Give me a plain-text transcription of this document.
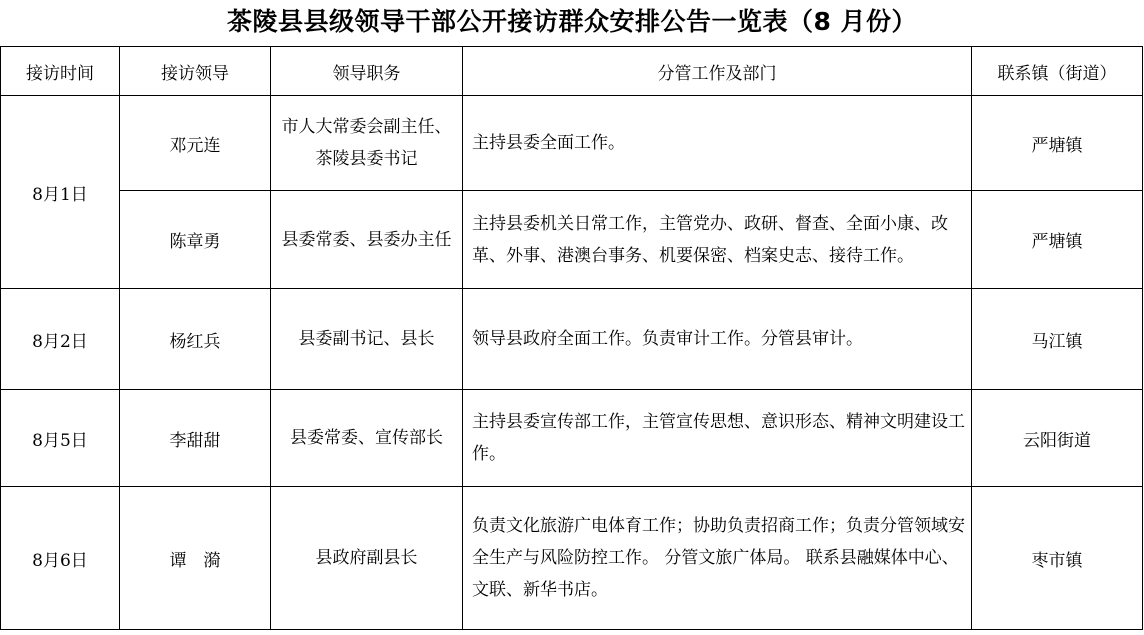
茶陵县县级领导干部公开接访群众安排公告一览表（8 月份）
接访时间	接访领导	领导职务	分管工作及部门	联系镇（街道）
8月1日	邓元连	市人大常委会副主任、茶陵县委书记	主持县委全面工作。	严塘镇
	陈章勇	县委常委、县委办主任	主持县委机关日常工作，主管党办、政研、督查、全面小康、改革、外事、港澳台事务、机要保密、档案史志、接待工作。	严塘镇
8月2日	杨红兵	县委副书记、县长	领导县政府全面工作。负责审计工作。分管县审计。	马江镇
8月5日	李甜甜	县委常委、宣传部长	主持县委宣传部工作，主管宣传思想、意识形态、精神文明建设工作。	云阳街道
8月6日	谭　漪	县政府副县长	负责文化旅游广电体育工作；协助负责招商工作；负责分管领域安全生产与风险防控工作。 分管文旅广体局。 联系县融媒体中心、文联、新华书店。	枣市镇
